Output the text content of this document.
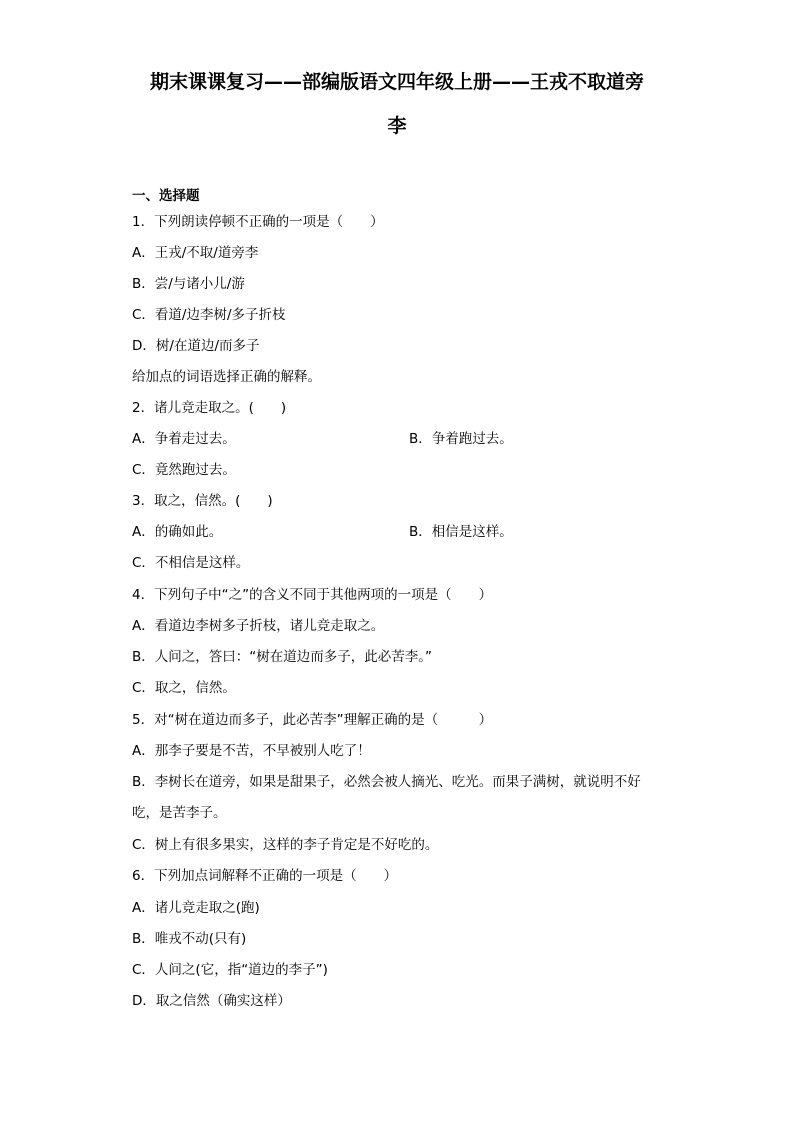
期末课课复习——部编版语文四年级上册——王戎不取道旁
李
一、选择题
1．下列朗读停顿不正确的一项是（　　）
A．王戎/不取/道旁李
B．尝/与诸小儿/游
C．看道/边李树/多子折枝
D．树/在道边/而多子
给加点的词语选择正确的解释。
2．诸儿竞走取之。(　　)
A．争着走过去。	B．争着跑过去。
C．竟然跑过去。
3．取之，信然。(　　)
A．的确如此。	B．相信是这样。
C．不相信是这样。
4．下列句子中“之”的含义不同于其他两项的一项是（　　）
A．看道边李树多子折枝，诸儿竞走取之。
B．人问之，答曰：“树在道边而多子，此必苦李。”
C．取之，信然。
5．对“树在道边而多子，此必苦李”理解正确的是（　　　）
A．那李子要是不苦，不早被别人吃了！
B．李树长在道旁，如果是甜果子，必然会被人摘光、吃光。而果子满树，就说明不好
吃，是苦李子。
C．树上有很多果实，这样的李子肯定是不好吃的。
6．下列加点词解释不正确的一项是（　　）
A．诸儿竞走取之(跑)
B．唯戎不动(只有)
C．人问之(它，指“道边的李子”)
D．取之信然（确实这样）
